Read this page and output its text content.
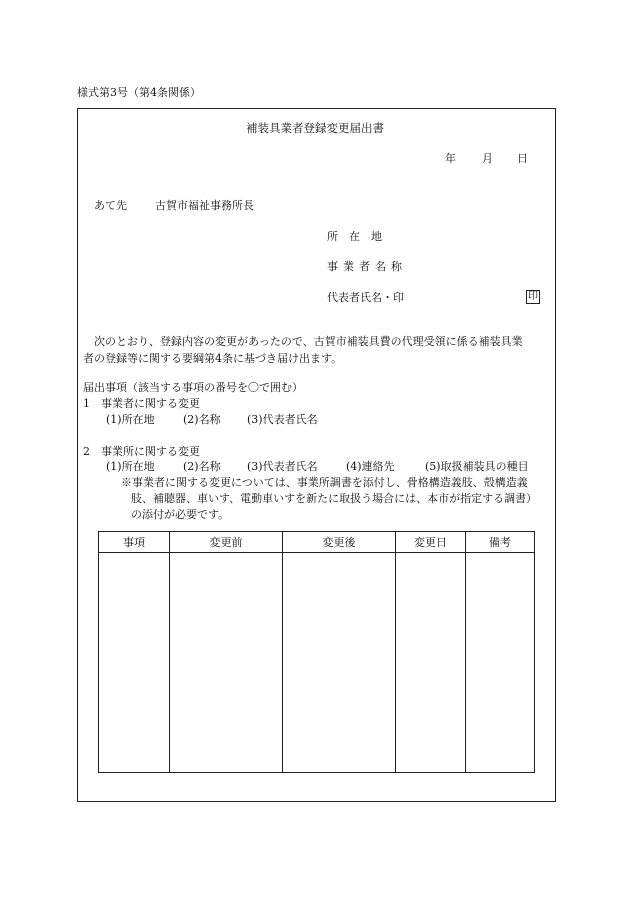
様式第3号（第4条関係）
補装具業者登録変更届出書
年 月 日
あて先	古賀市福祉事務所長
所　在　地
事業者名称
代表者氏名・印	印
次のとおり、登録内容の変更があったので、古賀市補装具費の代理受領に係る補装具業
者の登録等に関する要綱第4条に基づき届け出ます。
届出事項（該当する事項の番号を〇で囲む）
1　事業者に関する変更
(1)所在地	(2)名称 (3)代表者氏名
2　事業所に関する変更
(1)所在地	(2)名称 (3)代表者氏名	(4)連絡先	(5)取扱補装具の種目
※事業者に関する変更については、事業所調書を添付し、骨格構造義肢、殻構造義
肢、補聴器、車いす、電動車いすを新たに取扱う場合には、本市が指定する調書）
の添付が必要です。
事項	変更前	変更後	変更日	備考
